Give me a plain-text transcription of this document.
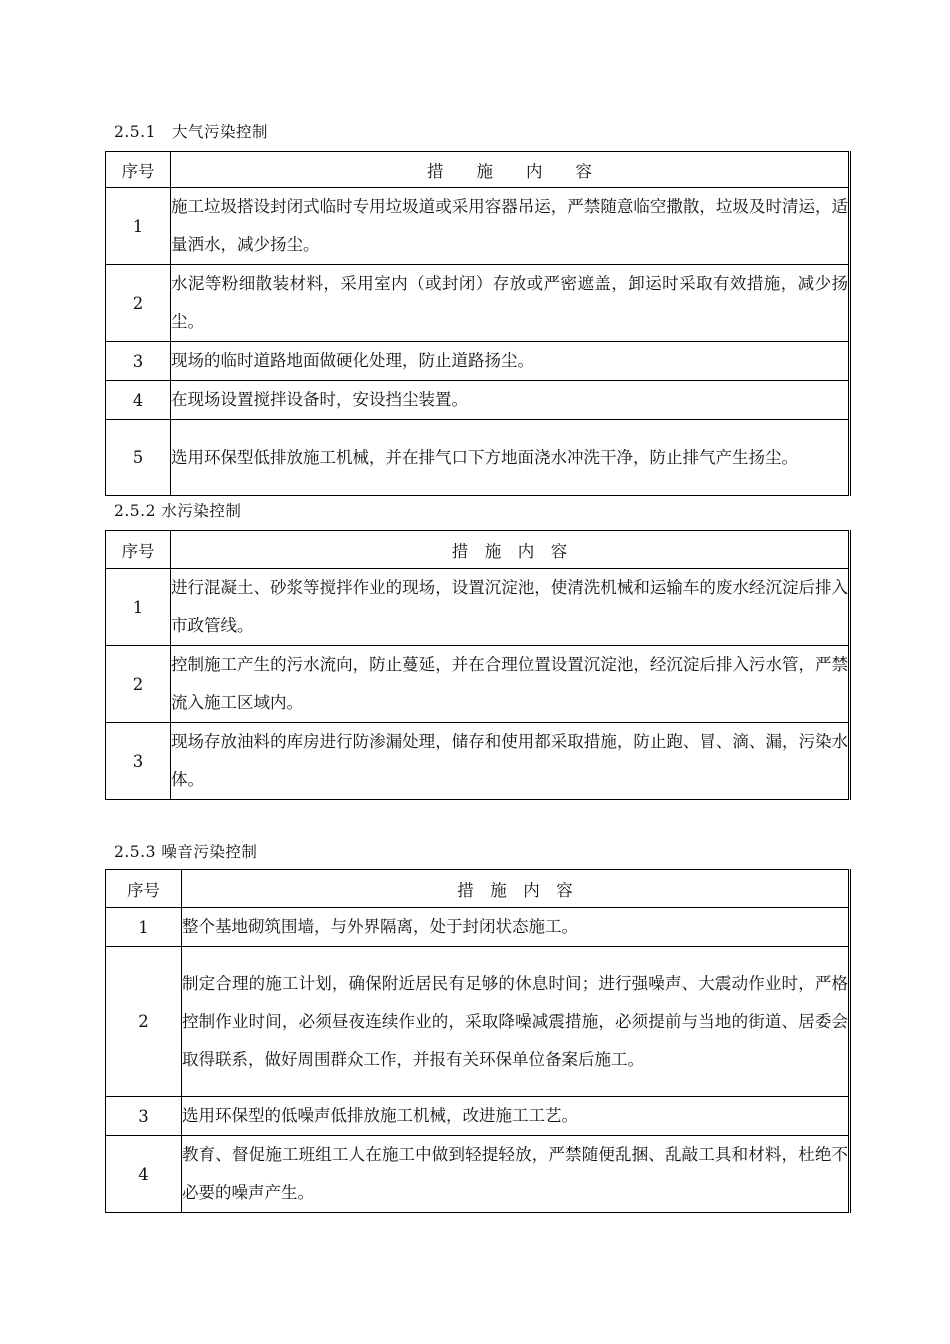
2.5.1　大气污染控制
序号	措　　施　　内　　容
1	施工垃圾搭设封闭式临时专用垃圾道或采用容器吊运，严禁随意临空撒散，垃圾及时清运，适量洒水，减少扬尘。
2	水泥等粉细散装材料，采用室内（或封闭）存放或严密遮盖，卸运时采取有效措施，减少扬尘。
3	现场的临时道路地面做硬化处理，防止道路扬尘。
4	在现场设置搅拌设备时，安设挡尘装置。
5	选用环保型低排放施工机械，并在排气口下方地面浇水冲洗干净，防止排气产生扬尘。
2.5.2 水污染控制
序号	措　施　内　容
1	进行混凝土、砂浆等搅拌作业的现场，设置沉淀池，使清洗机械和运输车的废水经沉淀后排入市政管线。
2	控制施工产生的污水流向，防止蔓延，并在合理位置设置沉淀池，经沉淀后排入污水管，严禁流入施工区域内。
3	现场存放油料的库房进行防渗漏处理，储存和使用都采取措施，防止跑、冒、滴、漏，污染水体。
2.5.3 噪音污染控制
序号	措　施　内　容
1	整个基地砌筑围墙，与外界隔离，处于封闭状态施工。
2	制定合理的施工计划，确保附近居民有足够的休息时间；进行强噪声、大震动作业时，严格控制作业时间，必须昼夜连续作业的，采取降噪减震措施，必须提前与当地的街道、居委会取得联系，做好周围群众工作，并报有关环保单位备案后施工。
3	选用环保型的低噪声低排放施工机械，改进施工工艺。
4	教育、督促施工班组工人在施工中做到轻提轻放，严禁随便乱捆、乱敲工具和材料，杜绝不必要的噪声产生。
